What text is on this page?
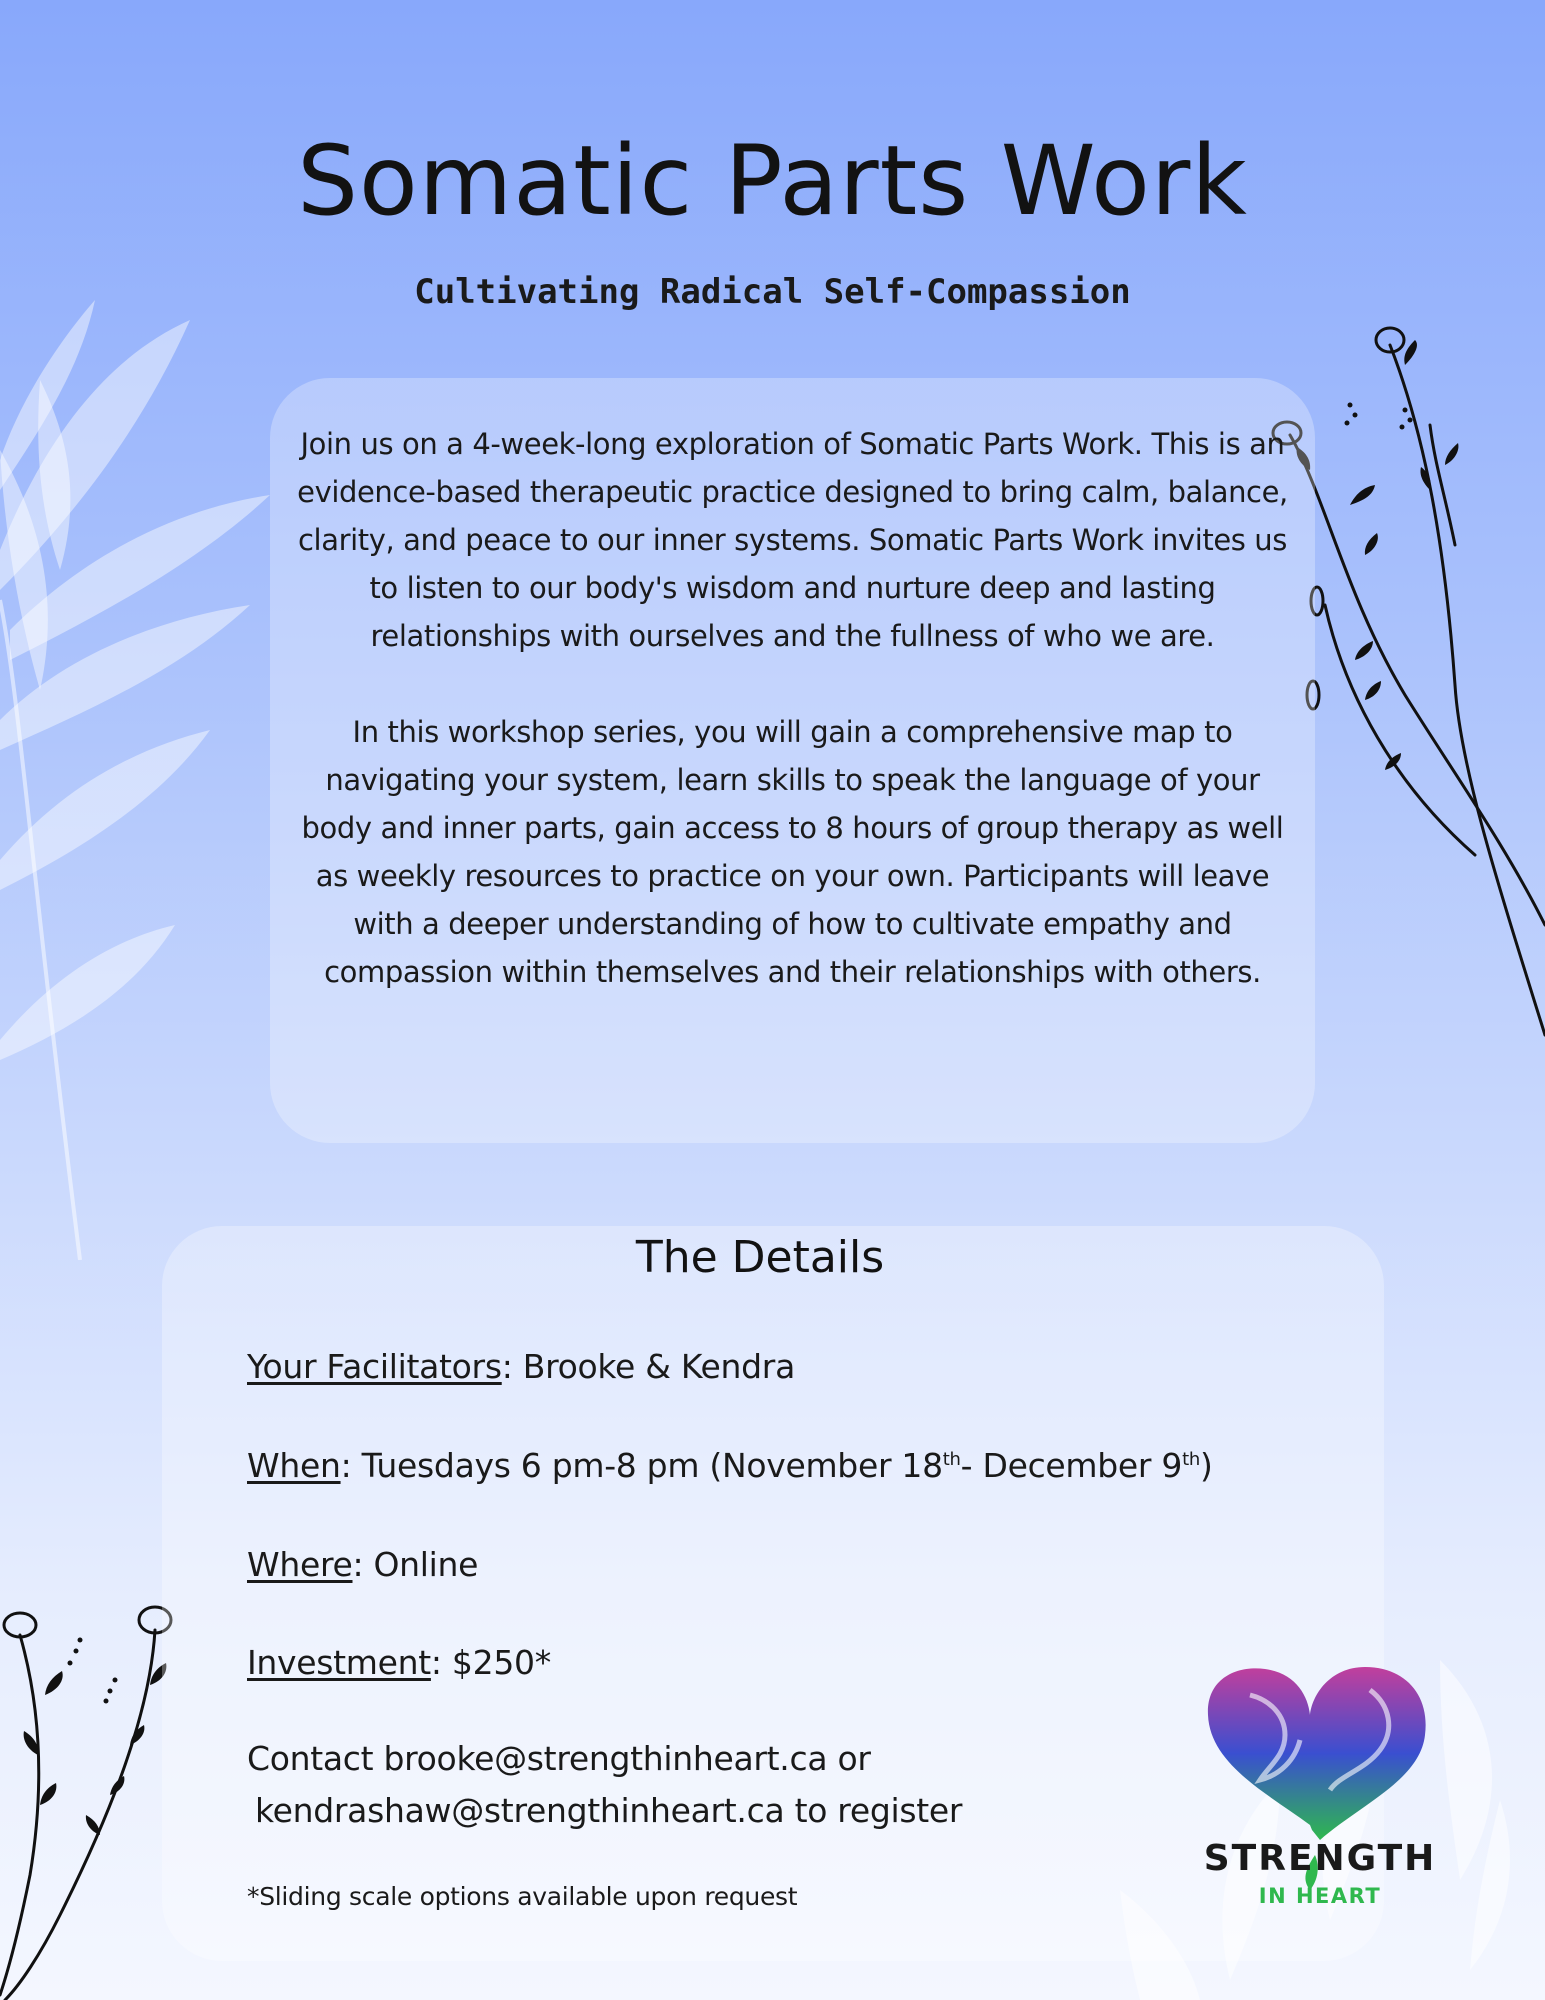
Somatic Parts Work
Cultivating Radical Self-Compassion

Join us on a 4-week-long exploration of Somatic Parts Work. This is an evidence-based therapeutic practice designed to bring calm, balance, clarity, and peace to our inner systems. Somatic Parts Work invites us to listen to our body's wisdom and nurture deep and lasting relationships with ourselves and the fullness of who we are.

In this workshop series, you will gain a comprehensive map to navigating your system, learn skills to speak the language of your body and inner parts, gain access to 8 hours of group therapy as well as weekly resources to practice on your own. Participants will leave with a deeper understanding of how to cultivate empathy and compassion within themselves and their relationships with others.

The Details

Your Facilitators: Brooke & Kendra

When: Tuesdays 6 pm-8 pm (November 18th- December 9th)

Where: Online

Investment: $250*

Contact brooke@strengthinheart.ca or

kendrashaw@strengthinheart.ca to register

*Sliding scale options available upon request

STRENGTH

IN HEART
